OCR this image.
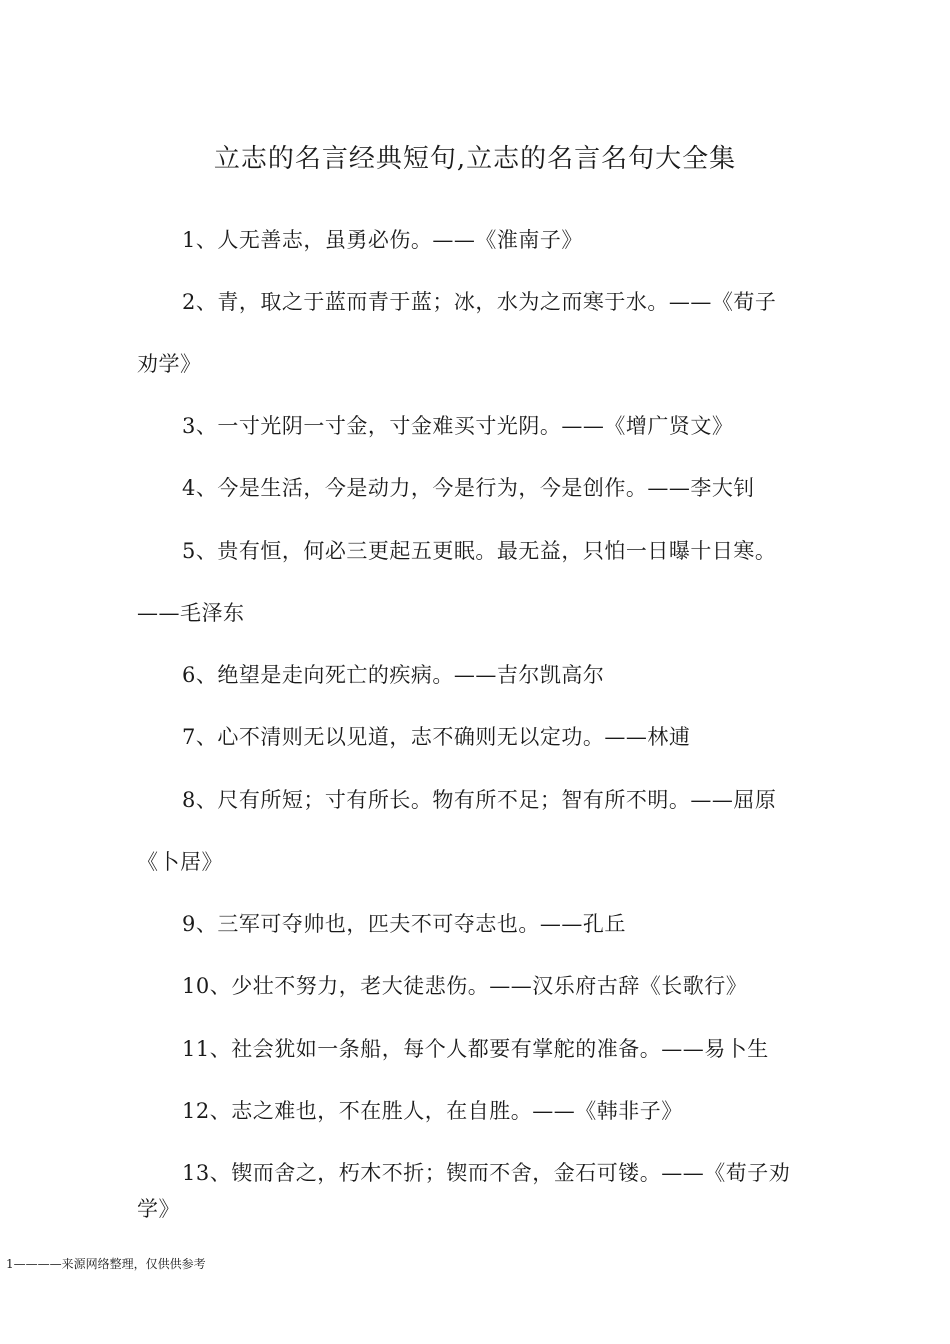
立志的名言经典短句,立志的名言名句大全集
1、人无善志，虽勇必伤。——《淮南子》
2、青，取之于蓝而青于蓝；冰，水为之而寒于水。——《荀子
劝学》
3、一寸光阴一寸金，寸金难买寸光阴。——《增广贤文》
4、今是生活，今是动力，今是行为，今是创作。——李大钊
5、贵有恒，何必三更起五更眠。最无益，只怕一日曝十日寒。
——毛泽东
6、绝望是走向死亡的疾病。——吉尔凯高尔
7、心不清则无以见道，志不确则无以定功。——林逋
8、尺有所短；寸有所长。物有所不足；智有所不明。——屈原
《卜居》
9、三军可夺帅也，匹夫不可夺志也。——孔丘
10、少壮不努力，老大徒悲伤。——汉乐府古辞《长歌行》
11、社会犹如一条船，每个人都要有掌舵的准备。——易卜生
12、志之难也，不在胜人，在自胜。——《韩非子》
13、锲而舍之，朽木不折；锲而不舍，金石可镂。——《荀子劝
学》
1————来源网络整理，仅供供参考
